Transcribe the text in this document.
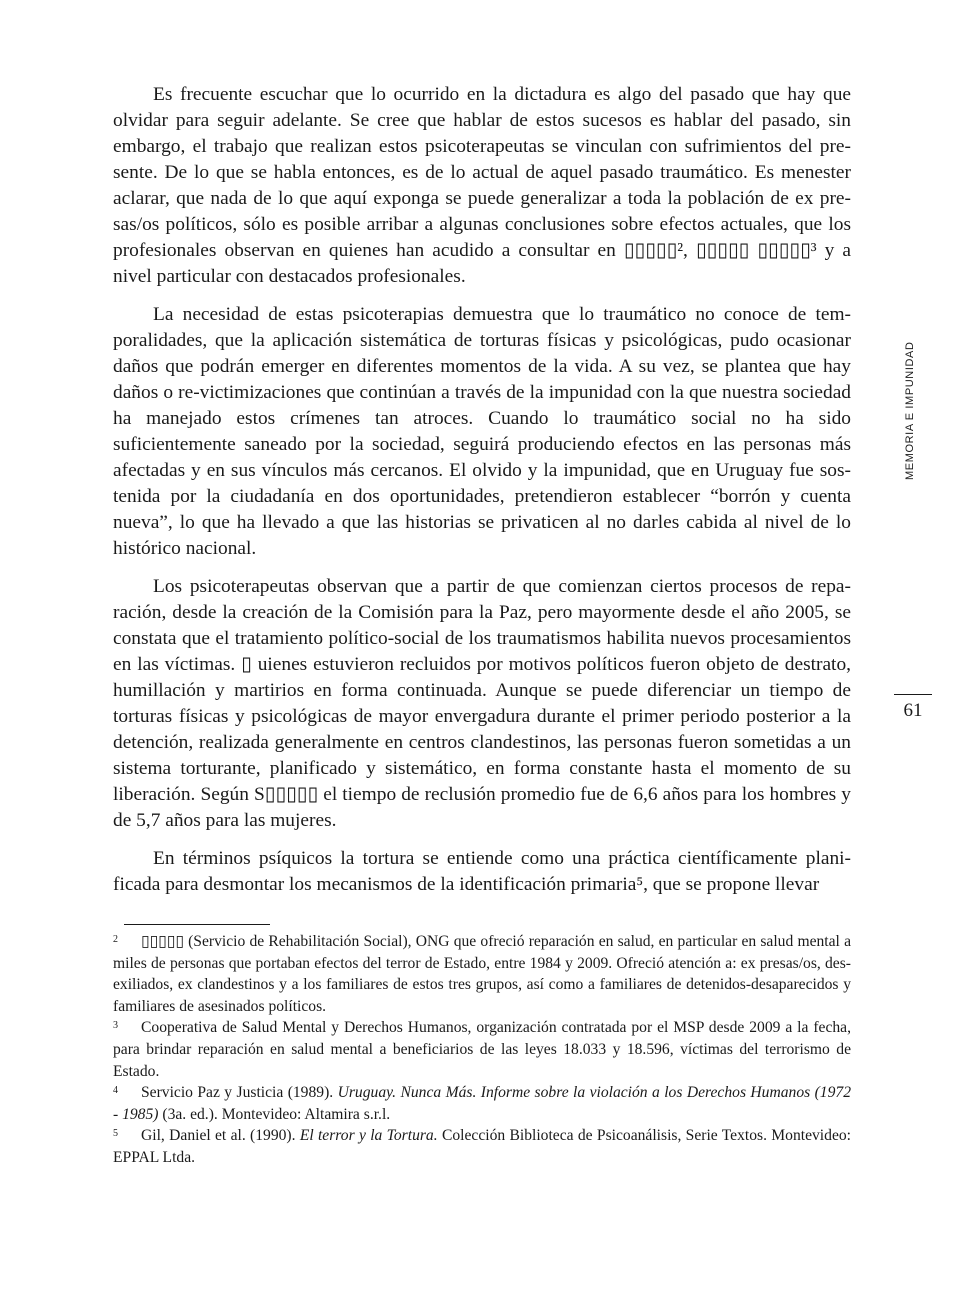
Es frecuente escuchar que lo ocurrido en la dictadura es algo del pasado que hay que olvidar para seguir adelante. Se cree que hablar de estos sucesos es hablar del pasado, sin embargo, el trabajo que realizan estos psicoterapeutas se vinculan con sufrimientos del presente. De lo que se habla entonces, es de lo actual de aquel pasado traumático. Es menester aclarar, que nada de lo que aquí exponga se puede generalizar a toda la población de ex presas/os políticos, sólo es posible arribar a algunas conclusiones sobre efectos actuales, que los profesionales observan en quienes han acudido a consultar en ▯▯▯▯▯², ▯▯▯▯▯ ▯▯▯▯▯³ y a nivel particular con destacados profesionales.

La necesidad de estas psicoterapias demuestra que lo traumático no conoce de temporalidades, que la aplicación sistemática de torturas físicas y psicológicas, pudo ocasionar daños que podrán emerger en diferentes momentos de la vida. A su vez, se plantea que hay daños o re-victimizaciones que continúan a través de la impunidad con la que nuestra sociedad ha manejado estos crímenes tan atroces. Cuando lo traumático social no ha sido suficientemente saneado por la sociedad, seguirá produciendo efectos en las personas más afectadas y en sus vínculos más cercanos. El olvido y la impunidad, que en Uruguay fue sostenida por la ciudadanía en dos oportunidades, pretendieron establecer “borrón y cuenta nueva”, lo que ha llevado a que las historias se privaticen al no darles cabida al nivel de lo histórico nacional.

Los psicoterapeutas observan que a partir de que comienzan ciertos procesos de reparación, desde la creación de la Comisión para la Paz, pero mayormente desde el año 2005, se constata que el tratamiento político-social de los traumatismos habilita nuevos procesamientos en las víctimas. ▯ uienes estuvieron recluidos por motivos políticos fueron objeto de destrato, humillación y martirios en forma continuada. Aunque se puede diferenciar un tiempo de torturas físicas y psicológicas de mayor envergadura durante el primer periodo posterior a la detención, realizada generalmente en centros clandestinos, las personas fueron sometidas a un sistema torturante, planificado y sistemático, en forma constante hasta el momento de su liberación. Según S▯▯▯▯▯ el tiempo de reclusión promedio fue de 6,6 años para los hombres y de 5,7 años para las mujeres.

En términos psíquicos la tortura se entiende como una práctica científicamente planificada para desmontar los mecanismos de la identificación primaria⁵, que se propone llevar

2 ▯▯▯▯▯ (Servicio de Rehabilitación Social), ONG que ofreció reparación en salud, en particular en salud mental a miles de personas que portaban efectos del terror de Estado, entre 1984 y 2009. Ofreció atención a: ex presas/os, des-exiliados, ex clandestinos y a los familiares de estos tres grupos, así como a familiares de detenidos-desaparecidos y familiares de asesinados políticos.

3 Cooperativa de Salud Mental y Derechos Humanos, organización contratada por el MSP desde 2009 a la fecha, para brindar reparación en salud mental a beneficiarios de las leyes 18.033 y 18.596, víctimas del terrorismo de Estado.

4 Servicio Paz y Justicia (1989). Uruguay. Nunca Más. Informe sobre la violación a los Derechos Humanos (1972 - 1985) (3a. ed.). Montevideo: Altamira s.r.l.

5 Gil, Daniel et al. (1990). El terror y la Tortura. Colección Biblioteca de Psicoanálisis, Serie Textos. Montevideo: EPPAL Ltda.

MEMORIA E IMPUNIDAD
61
